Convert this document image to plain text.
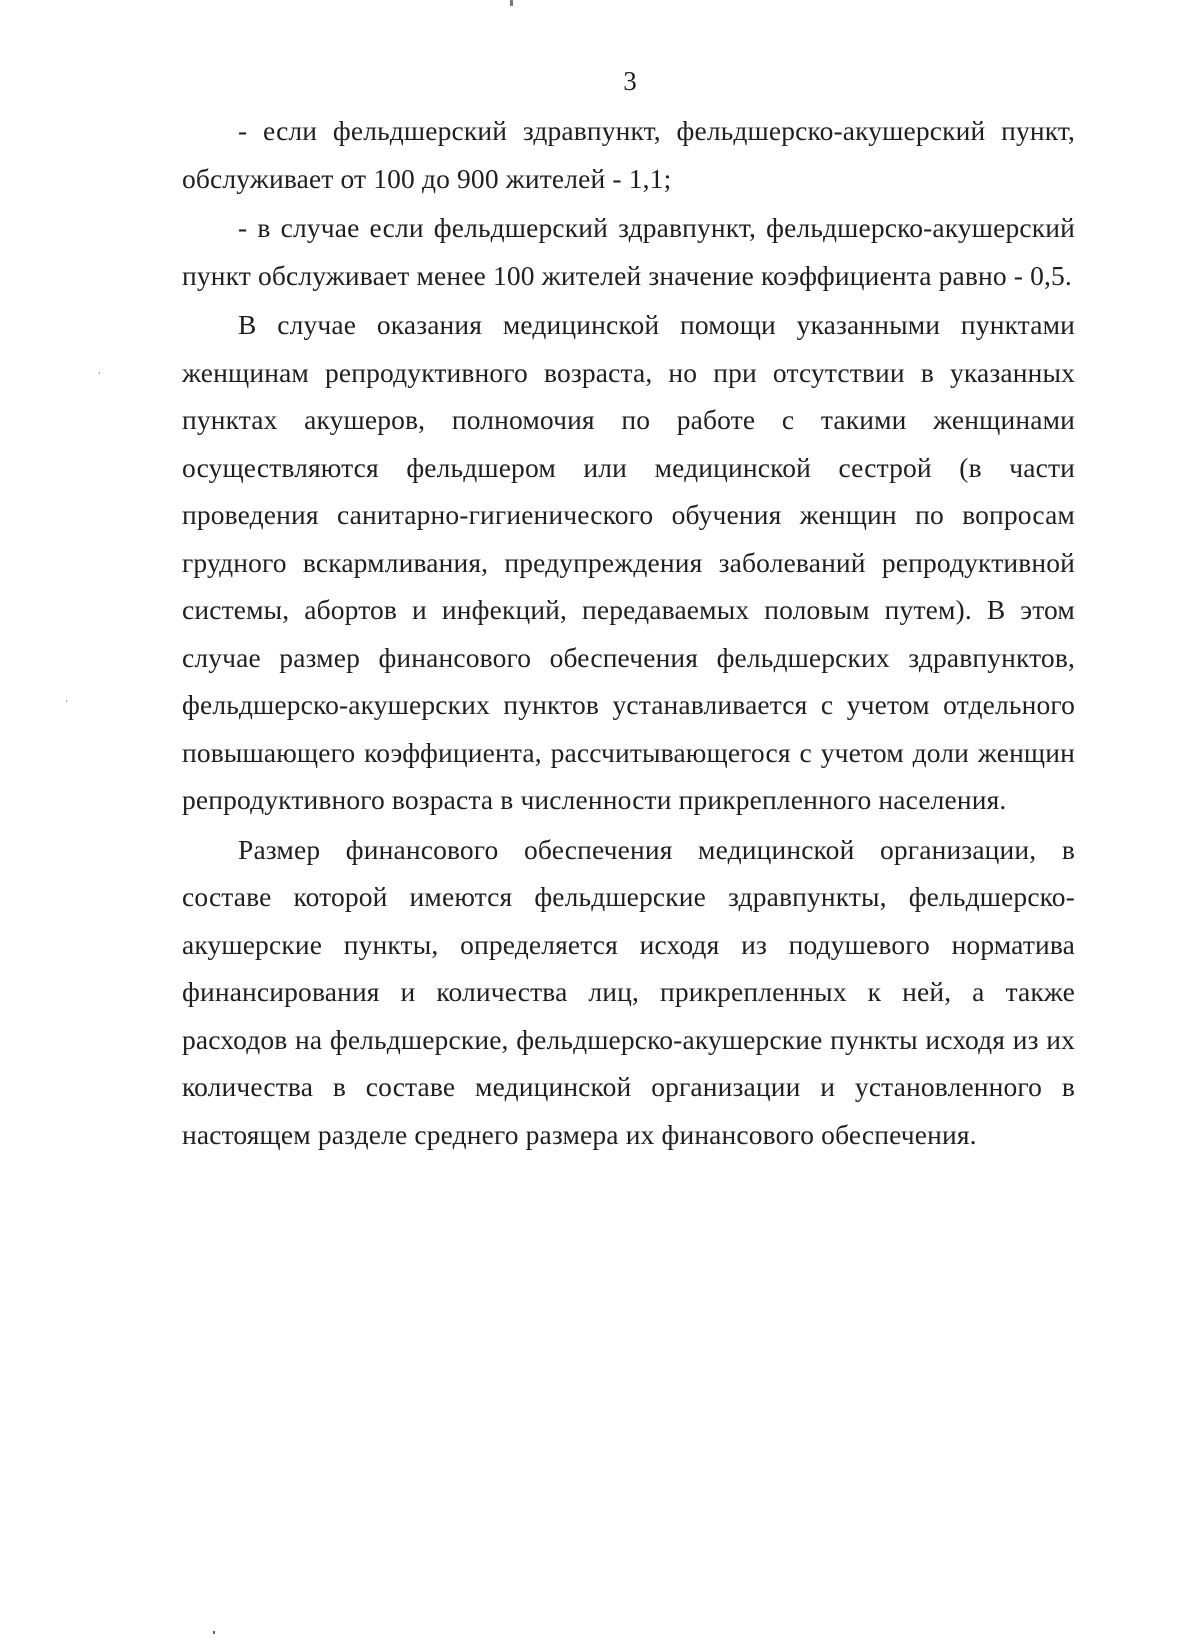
3

- если фельдшерский здравпункт, фельдшерско-акушерский пункт, обслуживает от 100 до 900 жителей - 1,1;

- в случае если фельдшерский здравпункт, фельдшерско-акушерский пункт обслуживает менее 100 жителей значение коэффициента равно - 0,5.

В случае оказания медицинской помощи указанными пунктами женщинам репродуктивного возраста, но при отсутствии в указанных пунктах акушеров, полномочия по работе с такими женщинами осуществляются фельдшером или медицинской сестрой (в части проведения санитарно-гигиенического обучения женщин по вопросам грудного вскармливания, предупреждения заболеваний репродуктивной системы, абортов и инфекций, передаваемых половым путем). В этом случае размер финансового обеспечения фельдшерских здравпунктов, фельдшерско-акушерских пунктов устанавливается с учетом отдельного повышающего коэффициента, рассчитывающегося с учетом доли женщин репродуктивного возраста в численности прикрепленного населения.

Размер финансового обеспечения медицинской организации, в составе которой имеются фельдшерские здравпункты, фельдшерско-акушерские пункты, определяется исходя из подушевого норматива финансирования и количества лиц, прикрепленных к ней, а также расходов на фельдшерские, фельдшерско-акушерские пункты исходя из их количества в составе медицинской организации и установленного в настоящем разделе среднего размера их финансового обеспечения.
